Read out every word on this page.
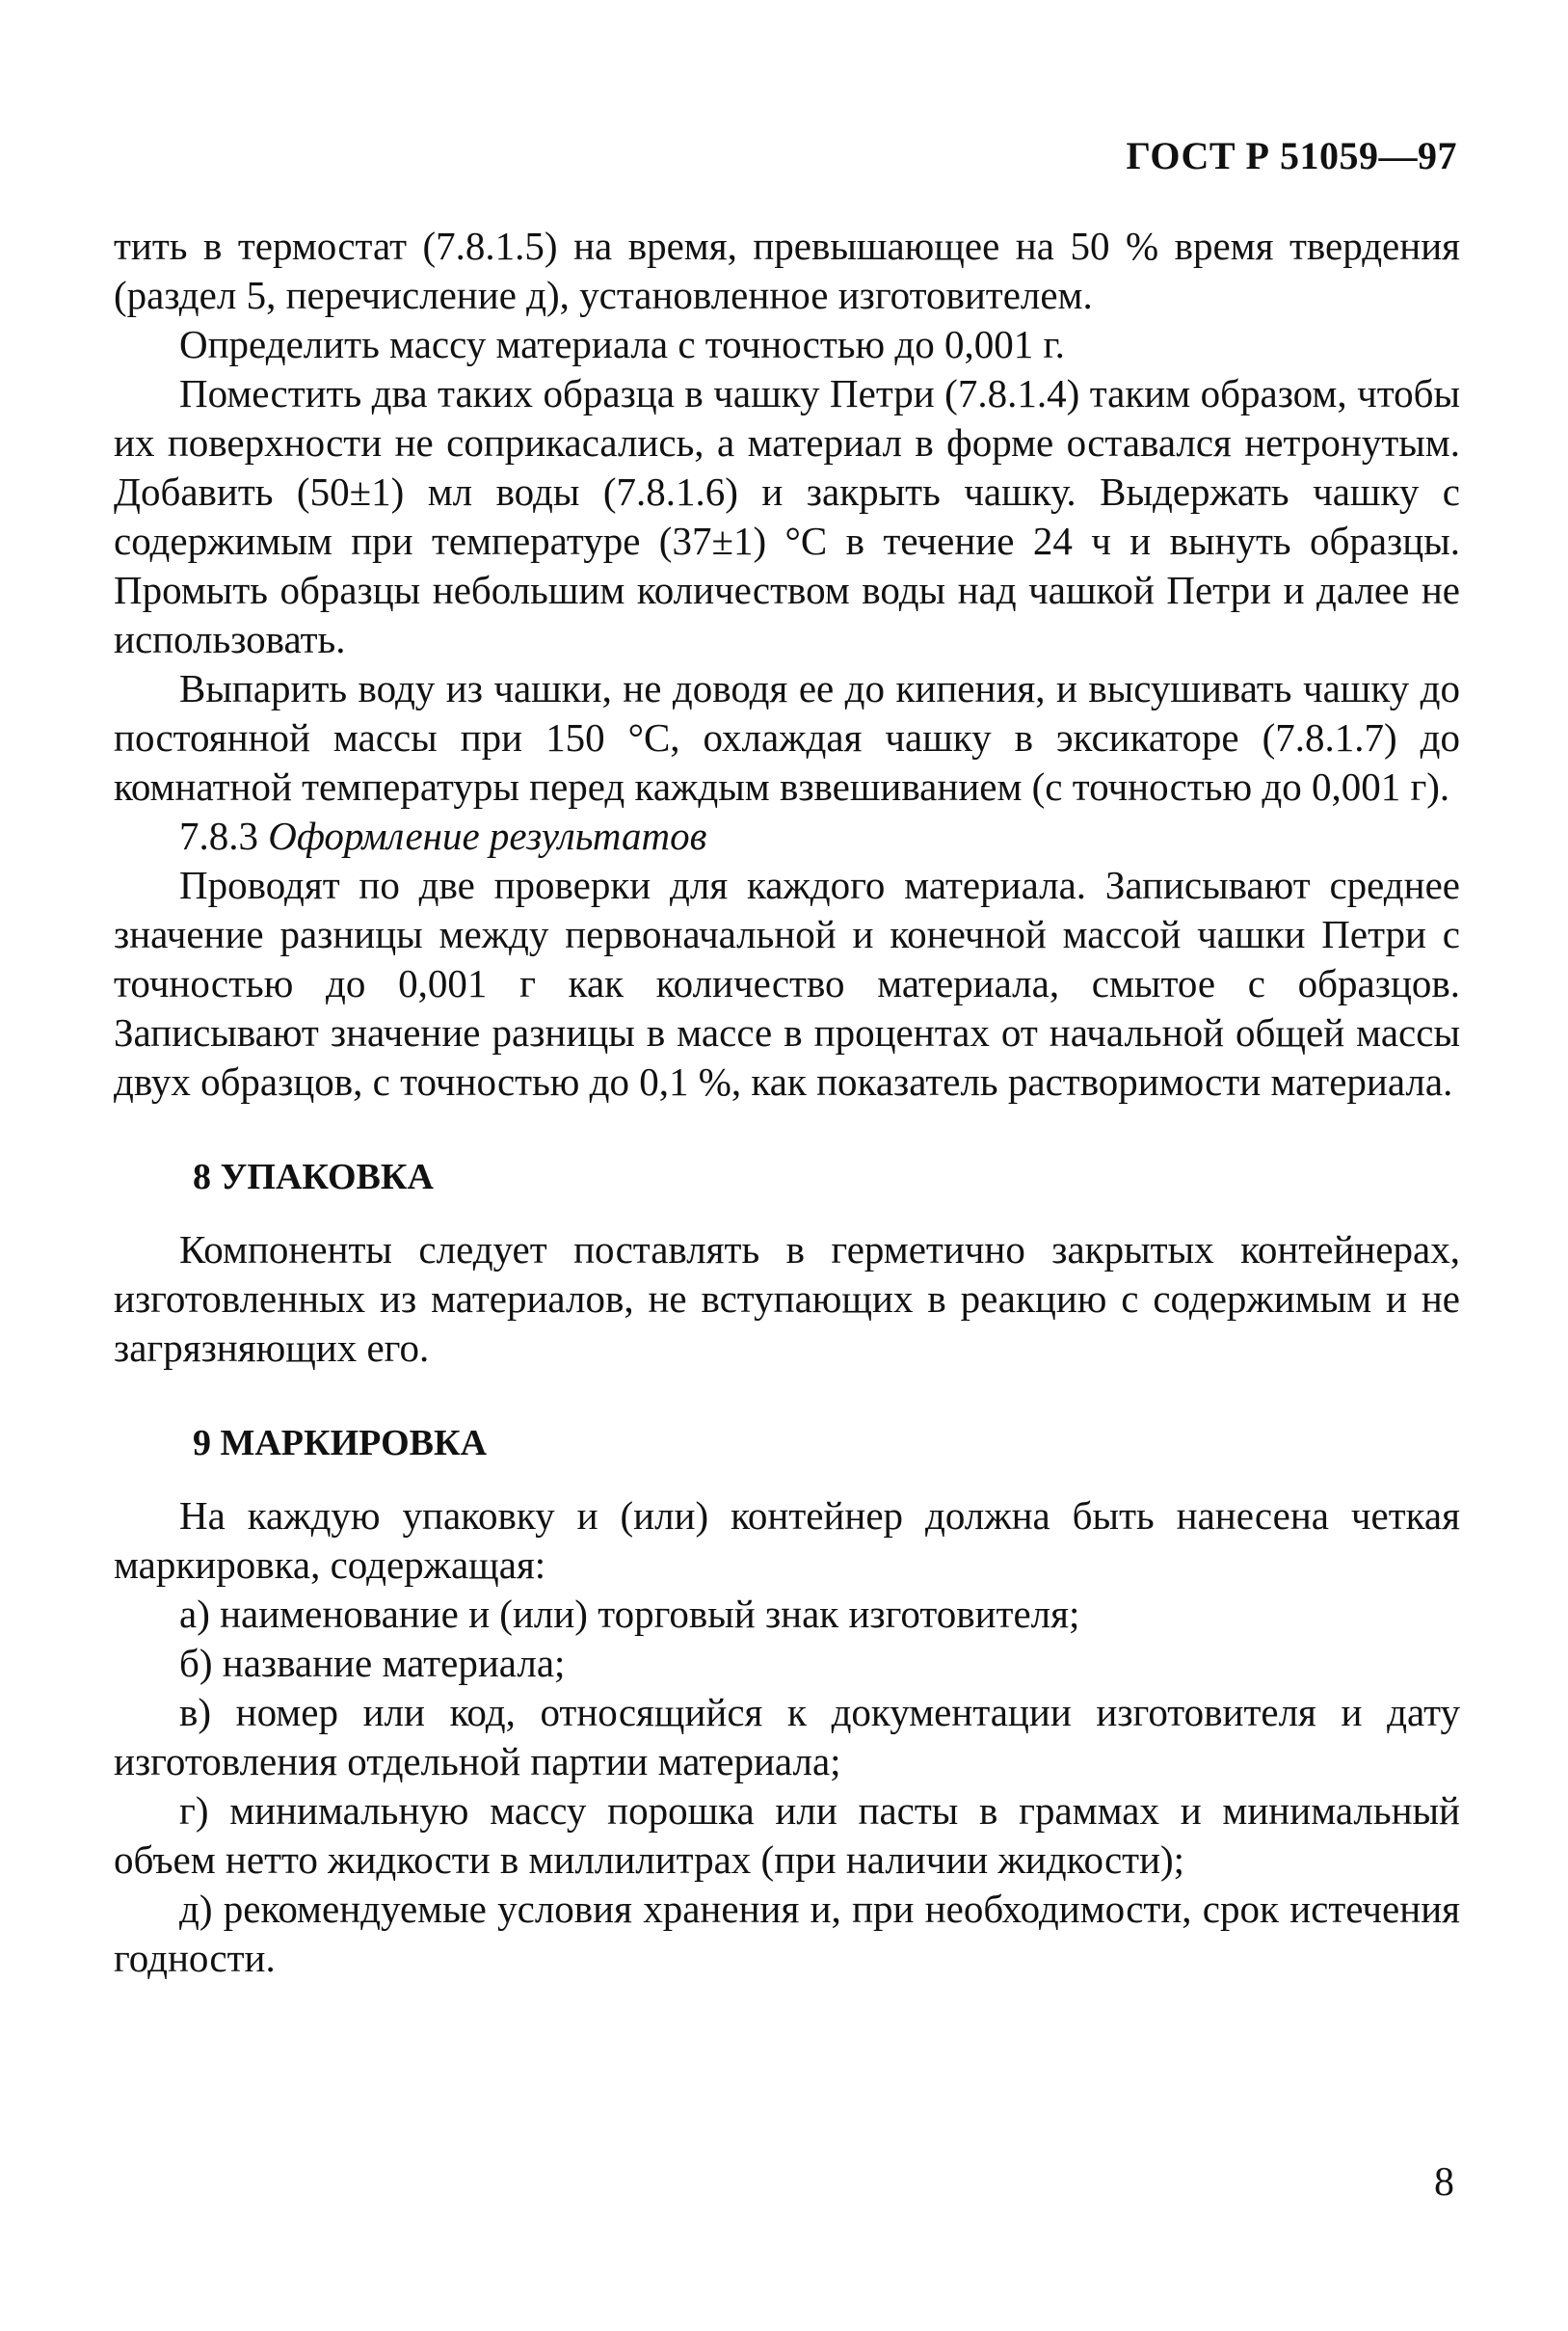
ГОСТ Р 51059—97

тить в термостат (7.8.1.5) на время, превышающее на 50 % время твердения (раздел 5, перечисление д), установленное изготовителем.

Определить массу материала с точностью до 0,001 г.

Поместить два таких образца в чашку Петри (7.8.1.4) таким образом, чтобы их поверхности не соприкасались, а материал в форме оставался нетронутым. Добавить (50±1) мл воды (7.8.1.6) и закрыть чашку. Выдержать чашку с содержимым при температуре (37±1) °С в течение 24 ч и вынуть образцы. Промыть образцы небольшим количеством воды над чашкой Петри и далее не использовать.

Выпарить воду из чашки, не доводя ее до кипения, и высушивать чашку до постоянной массы при 150 °С, охлаждая чашку в эксикаторе (7.8.1.7) до комнатной температуры перед каждым взвешиванием (с точностью до 0,001 г).

7.8.3 Оформление результатов

Проводят по две проверки для каждого материала. Записывают среднее значение разницы между первоначальной и конечной массой чашки Петри с точностью до 0,001 г как количество материала, смытое с образцов. Записывают значение разницы в массе в процентах от начальной общей массы двух образцов, с точностью до 0,1 %, как показатель растворимости материала.

8 УПАКОВКА

Компоненты следует поставлять в герметично закрытых контейнерах, изготовленных из материалов, не вступающих в реакцию с содержимым и не загрязняющих его.

9 МАРКИРОВКА

На каждую упаковку и (или) контейнер должна быть нанесена четкая маркировка, содержащая:

а) наименование и (или) торговый знак изготовителя;

б) название материала;

в) номер или код, относящийся к документации изготовителя и дату изготовления отдельной партии материала;

г) минимальную массу порошка или пасты в граммах и минимальный объем нетто жидкости в миллилитрах (при наличии жидкости);

д) рекомендуемые условия хранения и, при необходимости, срок истечения годности.

8
